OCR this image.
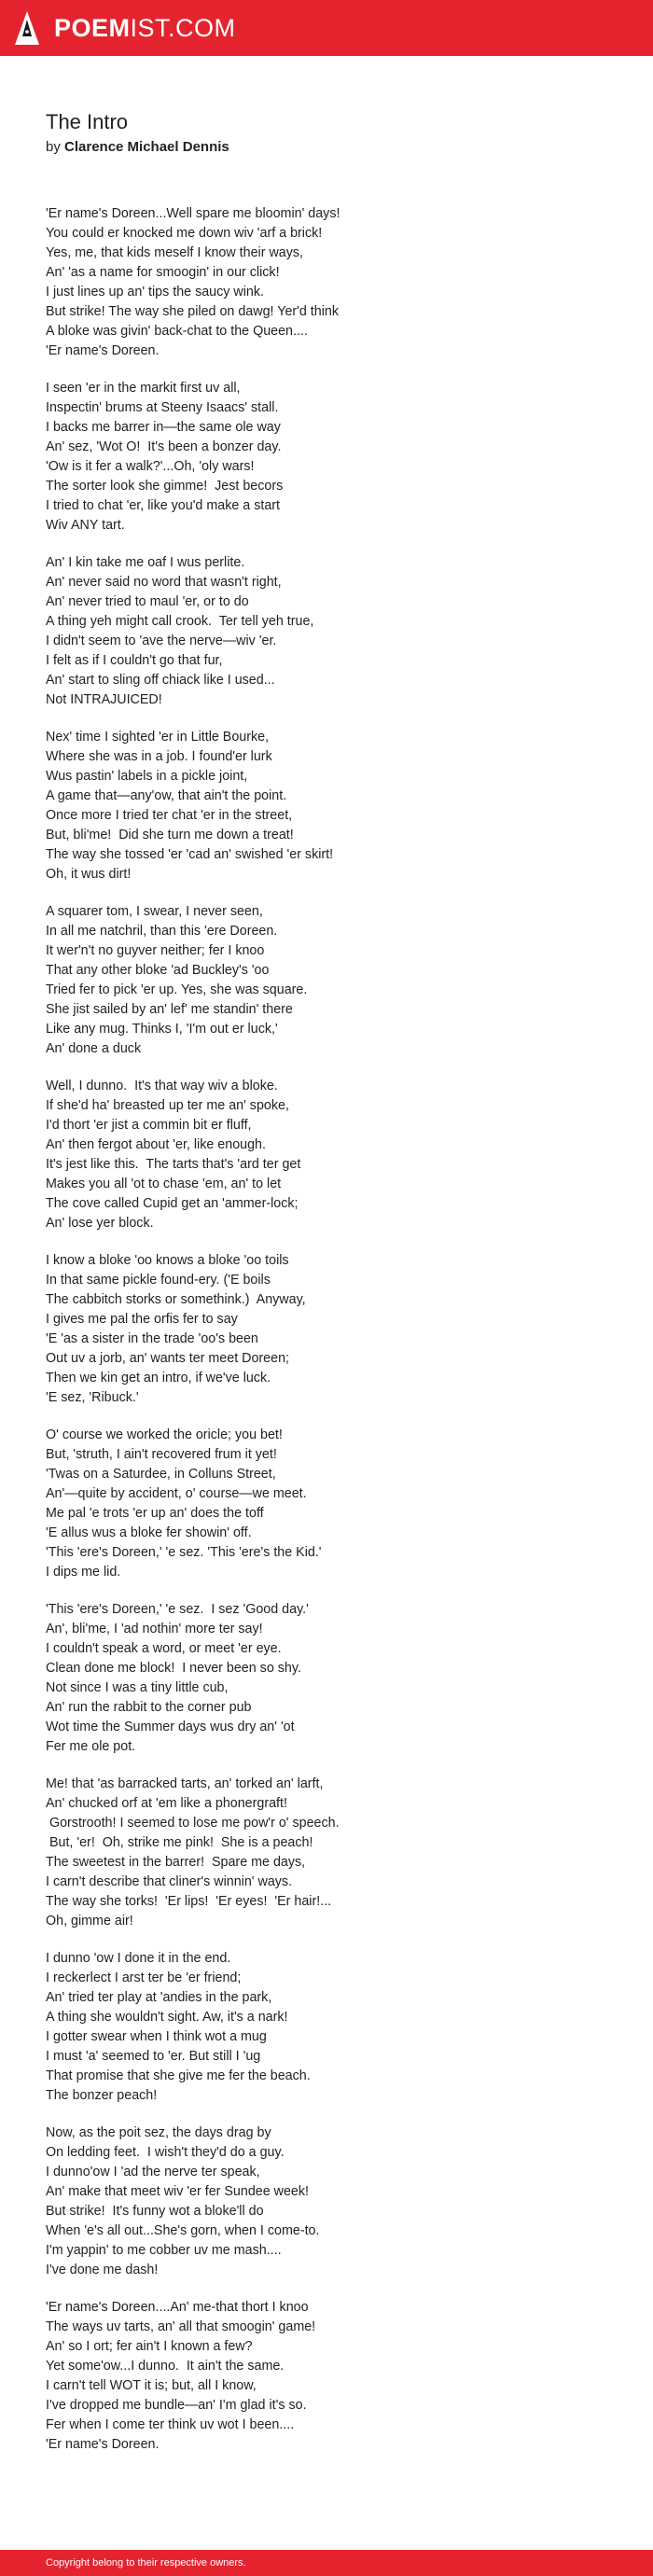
POEMIST.COM
The Intro
by Clarence Michael Dennis

'Er name's Doreen...Well spare me bloomin' days!
You could er knocked me down wiv 'arf a brick!
Yes, me, that kids meself I know their ways,
An' 'as a name for smoogin' in our click!
I just lines up an' tips the saucy wink.
But strike! The way she piled on dawg! Yer'd think
A bloke was givin' back-chat to the Queen....
'Er name's Doreen.

I seen 'er in the markit first uv all,
Inspectin' brums at Steeny Isaacs' stall.
I backs me barrer in—the same ole way
An' sez, 'Wot O!  It's been a bonzer day.
'Ow is it fer a walk?'...Oh, 'oly wars!
The sorter look she gimme!  Jest becors
I tried to chat 'er, like you'd make a start
Wiv ANY tart.

An' I kin take me oaf I wus perlite.
An' never said no word that wasn't right,
An' never tried to maul 'er, or to do
A thing yeh might call crook.  Ter tell yeh true,
I didn't seem to 'ave the nerve—wiv 'er.
I felt as if I couldn't go that fur,
An' start to sling off chiack like I used...
Not INTRAJUICED!

Nex' time I sighted 'er in Little Bourke,
Where she was in a job. I found'er lurk
Wus pastin' labels in a pickle joint,
A game that—any'ow, that ain't the point.
Once more I tried ter chat 'er in the street,
But, bli'me!  Did she turn me down a treat!
The way she tossed 'er 'cad an' swished 'er skirt!
Oh, it wus dirt!

A squarer tom, I swear, I never seen,
In all me natchril, than this 'ere Doreen.
It wer'n't no guyver neither; fer I knoo
That any other bloke 'ad Buckley's 'oo
Tried fer to pick 'er up. Yes, she was square.
She jist sailed by an' lef' me standin' there
Like any mug. Thinks I, 'I'm out er luck,'
An' done a duck

Well, I dunno.  It's that way wiv a bloke.
If she'd ha' breasted up ter me an' spoke,
I'd thort 'er jist a commin bit er fluff,
An' then fergot about 'er, like enough.
It's jest like this.  The tarts that's 'ard ter get
Makes you all 'ot to chase 'em, an' to let
The cove called Cupid get an 'ammer-lock;
An' lose yer block.

I know a bloke 'oo knows a bloke 'oo toils
In that same pickle found-ery. ('E boils
The cabbitch storks or somethink.)  Anyway,
I gives me pal the orfis fer to say
'E 'as a sister in the trade 'oo's been
Out uv a jorb, an' wants ter meet Doreen;
Then we kin get an intro, if we've luck.
'E sez, 'Ribuck.'

O' course we worked the oricle; you bet!
But, 'struth, I ain't recovered frum it yet!
'Twas on a Saturdee, in Colluns Street,
An'—quite by accident, o' course—we meet.
Me pal 'e trots 'er up an' does the toff
'E allus wus a bloke fer showin' off.
'This 'ere's Doreen,' 'e sez. 'This 'ere's the Kid.'
I dips me lid.

'This 'ere's Doreen,' 'e sez.  I sez 'Good day.'
An', bli'me, I 'ad nothin' more ter say!
I couldn't speak a word, or meet 'er eye.
Clean done me block!  I never been so shy.
Not since I was a tiny little cub,
An' run the rabbit to the corner pub
Wot time the Summer days wus dry an' 'ot
Fer me ole pot.

Me! that 'as barracked tarts, an' torked an' larft,
An' chucked orf at 'em like a phonergraft!
Gorstrooth! I seemed to lose me pow'r o' speech.
But, 'er!  Oh, strike me pink!  She is a peach!
The sweetest in the barrer!  Spare me days,
I carn't describe that cliner's winnin' ways.
The way she torks!  'Er lips!  'Er eyes!  'Er hair!...
Oh, gimme air!

I dunno 'ow I done it in the end.
I reckerlect I arst ter be 'er friend;
An' tried ter play at 'andies in the park,
A thing she wouldn't sight. Aw, it's a nark!
I gotter swear when I think wot a mug
I must 'a' seemed to 'er. But still I 'ug
That promise that she give me fer the beach.
The bonzer peach!

Now, as the poit sez, the days drag by
On ledding feet.  I wish't they'd do a guy.
I dunno'ow I 'ad the nerve ter speak,
An' make that meet wiv 'er fer Sundee week!
But strike!  It's funny wot a bloke'll do
When 'e's all out...She's gorn, when I come-to.
I'm yappin' to me cobber uv me mash....
I've done me dash!

'Er name's Doreen....An' me-that thort I knoo
The ways uv tarts, an' all that smoogin' game!
An' so I ort; fer ain't I known a few?
Yet some'ow...I dunno.  It ain't the same.
I carn't tell WOT it is; but, all I know,
I've dropped me bundle—an' I'm glad it's so.
Fer when I come ter think uv wot I been....
'Er name's Doreen.

Copyright belong to their respective owners.
